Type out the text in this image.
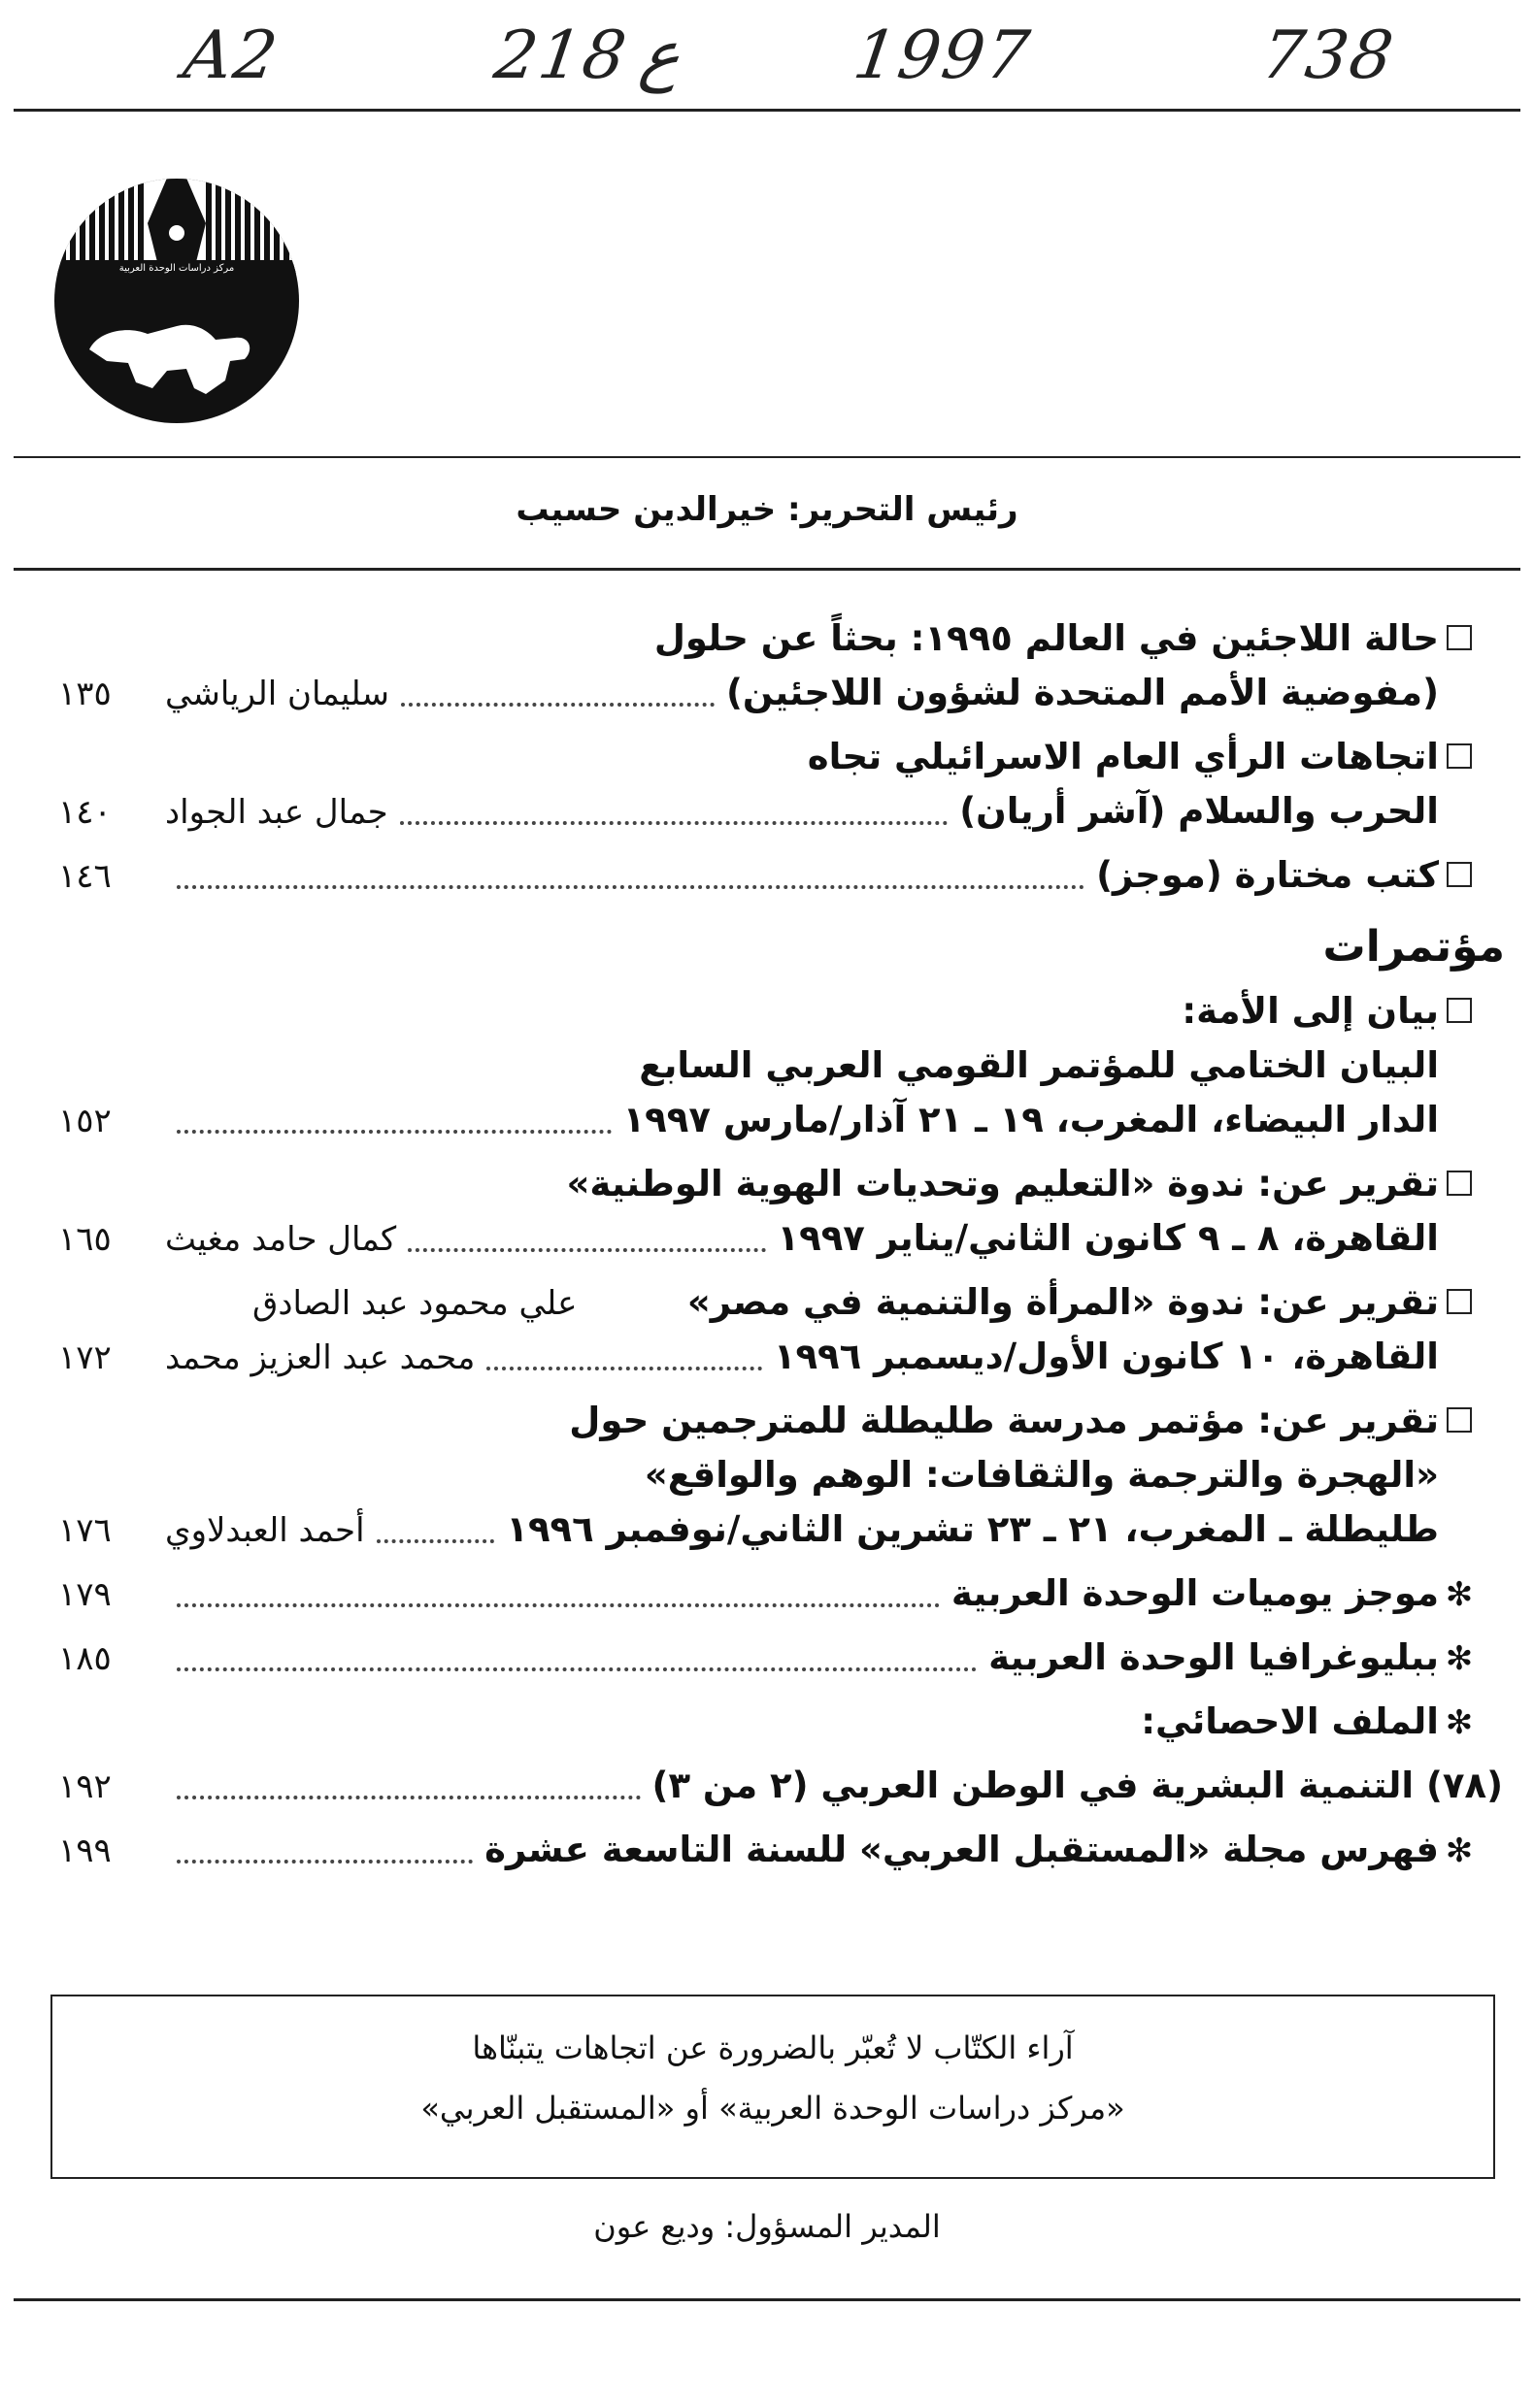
A2	218 ع 1997	738
مركز دراسات الوحدة العربية
رئيس التحرير: خيرالدين حسيب
حالة اللاجئين في العالم ١٩٩٥: بحثاً عن حلول
(مفوضية الأمم المتحدة لشؤون اللاجئين)
سليمان الرياشي
١٣٥
اتجاهات الرأي العام الاسرائيلي تجاه
الحرب والسلام (آشر أريان)
جمال عبد الجواد
١٤٠
كتب مختارة (موجز)
١٤٦
مؤتمرات
بيان إلى الأمة:
البيان الختامي للمؤتمر القومي العربي السابع
الدار البيضاء، المغرب، ١٩ ـ ٢١ آذار/مارس ١٩٩٧
١٥٢
تقرير عن: ندوة «التعليم وتحديات الهوية الوطنية»
القاهرة، ٨ ـ ٩ كانون الثاني/يناير ١٩٩٧
كمال حامد مغيث
١٦٥
تقرير عن: ندوة «المرأة والتنمية في مصر»
علي محمود عبد الصادق
القاهرة، ١٠ كانون الأول/ديسمبر ١٩٩٦
محمد عبد العزيز محمد
١٧٢
تقرير عن: مؤتمر مدرسة طليطلة للمترجمين حول
«الهجرة والترجمة والثقافات: الوهم والواقع»
طليطلة ـ المغرب، ٢١ ـ ٢٣ تشرين الثاني/نوفمبر ١٩٩٦
أحمد العبدلاوي
١٧٦
✻
موجز يوميات الوحدة العربية
١٧٩
✻
ببليوغرافيا الوحدة العربية
١٨٥
✻
الملف الاحصائي:
(٧٨) التنمية البشرية في الوطن العربي (٢ من ٣)
١٩٢
✻
فهرس مجلة «المستقبل العربي» للسنة التاسعة عشرة
١٩٩
آراء الكتّاب لا تُعبّر بالضرورة عن اتجاهات يتبنّاها
«مركز دراسات الوحدة العربية» أو «المستقبل العربي»
المدير المسؤول: وديع عون
